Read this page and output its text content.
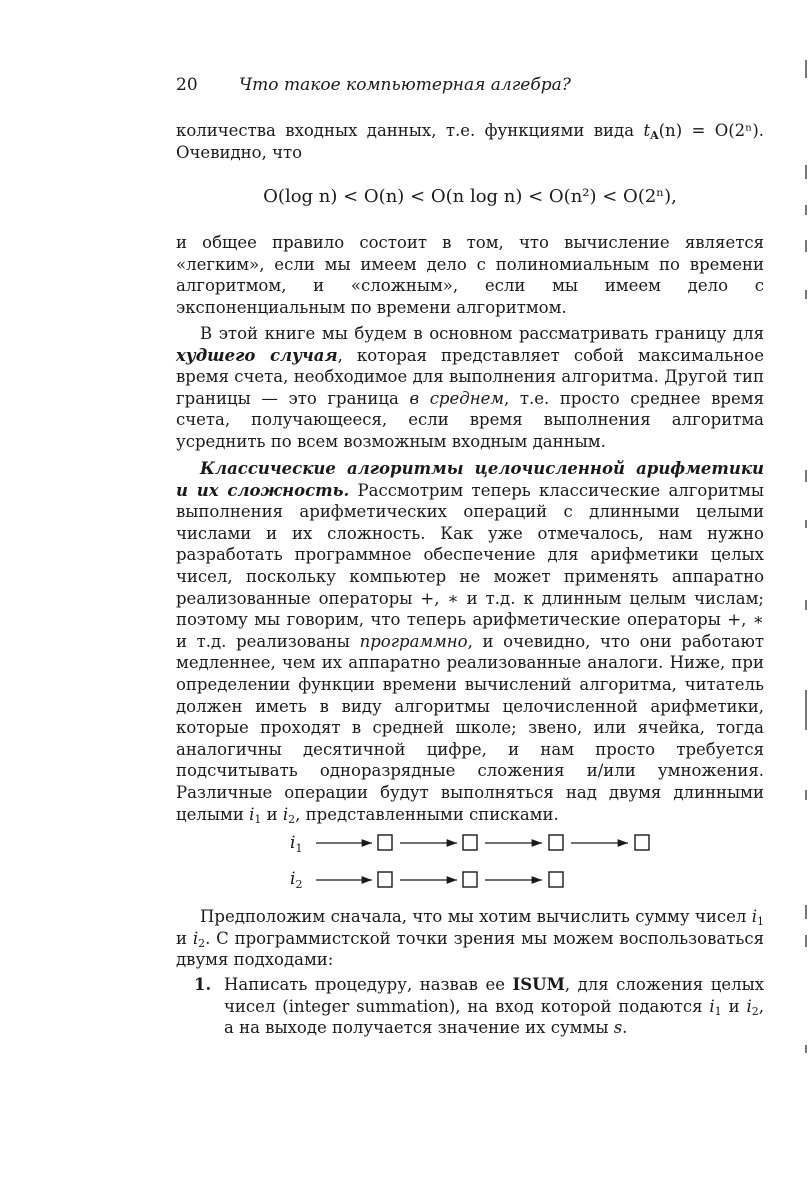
20 Что такое компьютерная алгебра?
количества входных данных, т.е. функциями вида $t_A(n) = O(2^n)$. Очевидно, что
O(log n) < O(n) < O(n log n) < O(n²) < O(2ⁿ),
и общее правило состоит в том, что вычисление является «легким», если мы имеем дело с полиномиальным по времени алгоритмом, и «сложным», если мы имеем дело с экспоненциальным по времени алгоритмом.
В этой книге мы будем в основном рассматривать границу для худшего случая, которая представляет собой максимальное время счета, необходимое для выполнения алгоритма. Другой тип границы — это граница в среднем, т.е. просто среднее время счета, получающееся, если время выполнения алгоритма усреднить по всем возможным входным данным.
Классические алгоритмы целочисленной арифметики и их сложность. Рассмотрим теперь классические алгоритмы выполнения арифметических операций с длинными целыми числами и их сложность. Как уже отмечалось, нам нужно разработать программное обеспечение для арифметики целых чисел, поскольку компьютер не может применять аппаратно реализованные операторы +, ∗ и т.д. к длинным целым числам; поэтому мы говорим, что теперь арифметические операторы +, ∗ и т.д. реализованы программно, и очевидно, что они работают медленнее, чем их аппаратно реализованные аналоги. Ниже, при определении функции времени вычислений алгоритма, читатель должен иметь в виду алгоритмы целочисленной арифметики, которые проходят в средней школе; звено, или ячейка, тогда аналогичны десятичной цифре, и нам просто требуется подсчитывать одноразрядные сложения и/или умножения. Различные операции будут выполняться над двумя длинными целыми $i_1$ и $i_2$, представленными списками.
$i_1$
$i_2$
Предположим сначала, что мы хотим вычислить сумму чисел $i_1$ и $i_2$. С программистской точки зрения мы можем воспользоваться двумя подходами:
1. Написать процедуру, назвав ее ISUM, для сложения целых чисел (integer summation), на вход которой подаются $i_1$ и $i_2$, а на выходе получается значение их суммы s.
